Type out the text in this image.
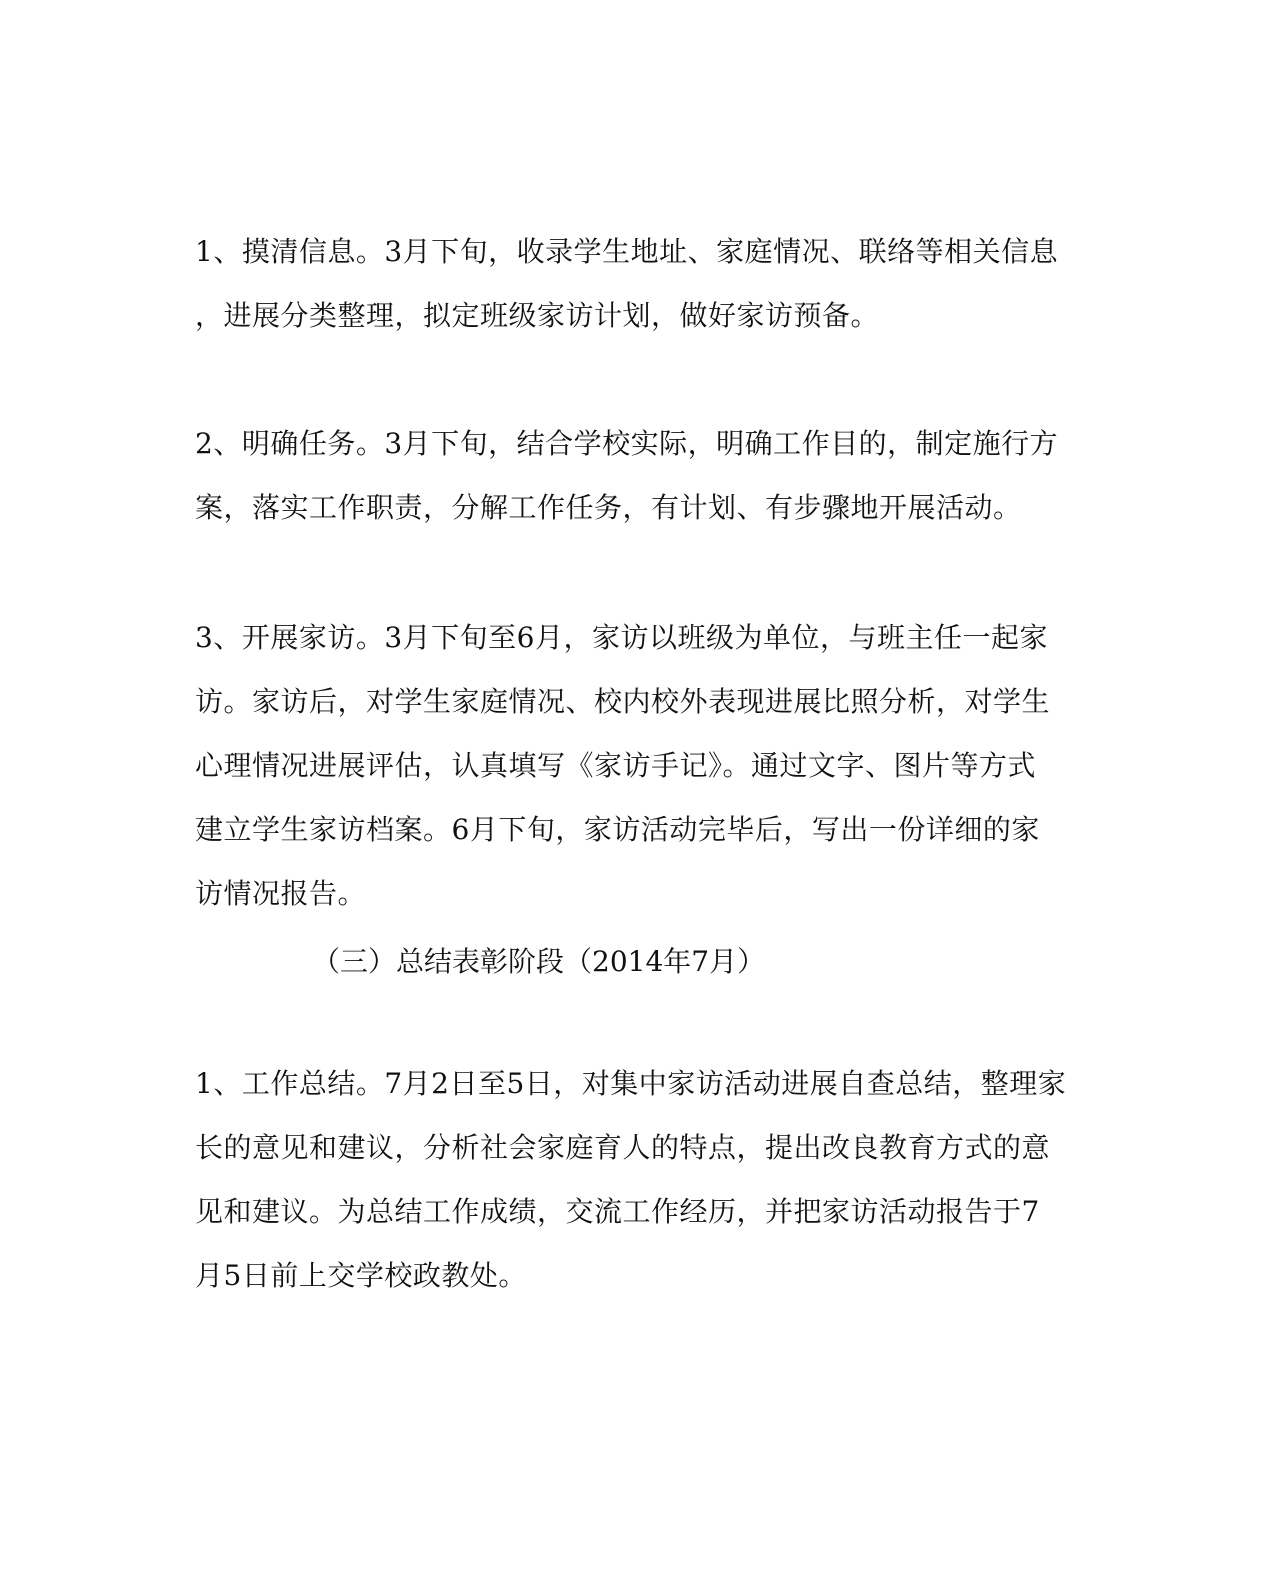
1、摸清信息。3月下旬，收录学生地址、家庭情况、联络等相关信息
，进展分类整理，拟定班级家访计划，做好家访预备。
2、明确任务。3月下旬，结合学校实际，明确工作目的，制定施行方
案，落实工作职责，分解工作任务，有计划、有步骤地开展活动。
3、开展家访。3月下旬至6月，家访以班级为单位，与班主任一起家
访。家访后，对学生家庭情况、校内校外表现进展比照分析，对学生
心理情况进展评估，认真填写《家访手记》。通过文字、图片等方式
建立学生家访档案。6月下旬，家访活动完毕后，写出一份详细的家
访情况报告。
（三）总结表彰阶段（2014年7月）
1、工作总结。7月2日至5日，对集中家访活动进展自查总结，整理家
长的意见和建议，分析社会家庭育人的特点，提出改良教育方式的意
见和建议。为总结工作成绩，交流工作经历，并把家访活动报告于7
月5日前上交学校政教处。
